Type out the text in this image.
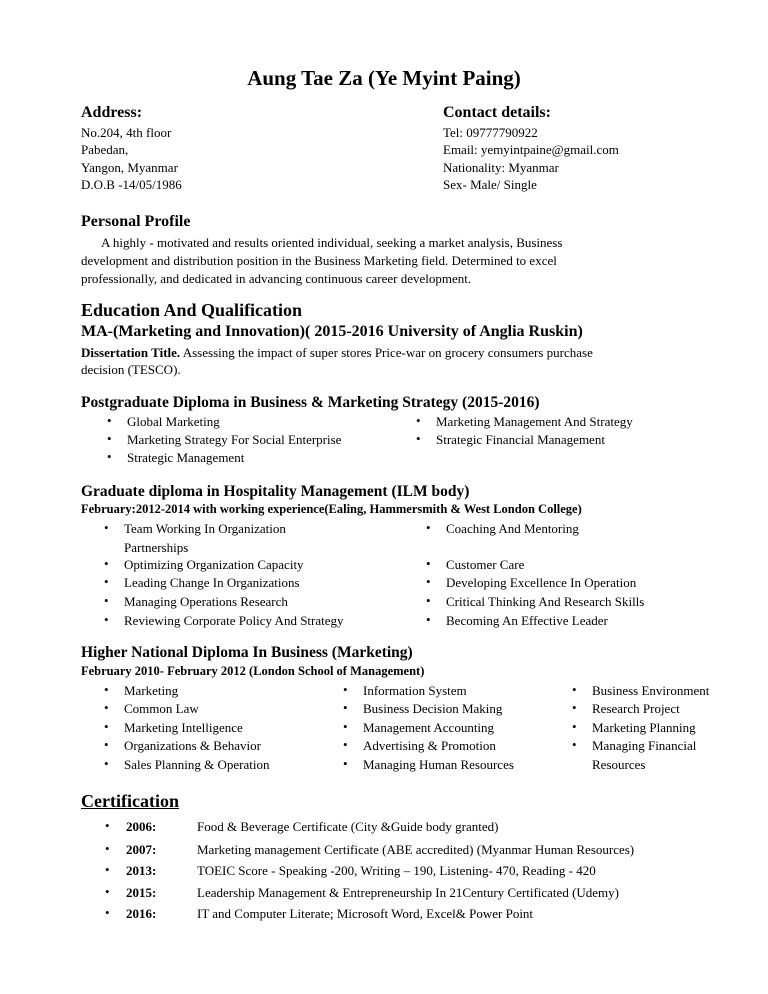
Aung Tae Za (Ye Myint Paing)
Address:
No.204, 4th floor
Pabedan,
Yangon, Myanmar
D.O.B -14/05/1986
Contact details:
Tel: 09777790922
Email: yemyintpaine@gmail.com
Nationality: Myanmar
Sex- Male/ Single
Personal Profile
A highly - motivated and results oriented individual, seeking a market analysis, Business
development and distribution position in the Business Marketing field. Determined to excel
professionally, and dedicated in advancing continuous career development.
Education And Qualification
MA-(Marketing and Innovation)( 2015-2016 University of Anglia Ruskin)
Dissertation Title. Assessing the impact of super stores Price-war on grocery consumers purchase
decision (TESCO).
Postgraduate Diploma in Business & Marketing Strategy (2015-2016)
• Global Marketing
• Marketing Strategy For Social Enterprise
• Strategic Management
• Marketing Management And Strategy
• Strategic Financial Management
Graduate diploma in Hospitality Management (ILM body)
February:2012-2014 with working experience(Ealing, Hammersmith & West London College)
• Team Working In Organization
Partnerships
• Optimizing Organization Capacity
• Leading Change In Organizations
• Managing Operations Research
• Reviewing Corporate Policy And Strategy
• Coaching And Mentoring
• Customer Care
• Developing Excellence In Operation
• Critical Thinking And Research Skills
• Becoming An Effective Leader
Higher National Diploma In Business (Marketing)
February 2010- February 2012 (London School of Management)
• Marketing
• Common Law
• Marketing Intelligence
• Organizations & Behavior
• Sales Planning & Operation
• Information System
• Business Decision Making
• Management Accounting
• Advertising & Promotion
• Managing Human Resources
• Business Environment
• Research Project
• Marketing Planning
• Managing Financial
Resources
Certification
• 2006:	Food & Beverage Certificate (City &Guide body granted)
• 2007:	Marketing management Certificate (ABE accredited) (Myanmar Human Resources)
• 2013:	TOEIC Score - Speaking -200, Writing – 190, Listening- 470, Reading - 420
• 2015:	Leadership Management & Entrepreneurship In 21Century Certificated (Udemy)
• 2016:	IT and Computer Literate; Microsoft Word, Excel& Power Point
